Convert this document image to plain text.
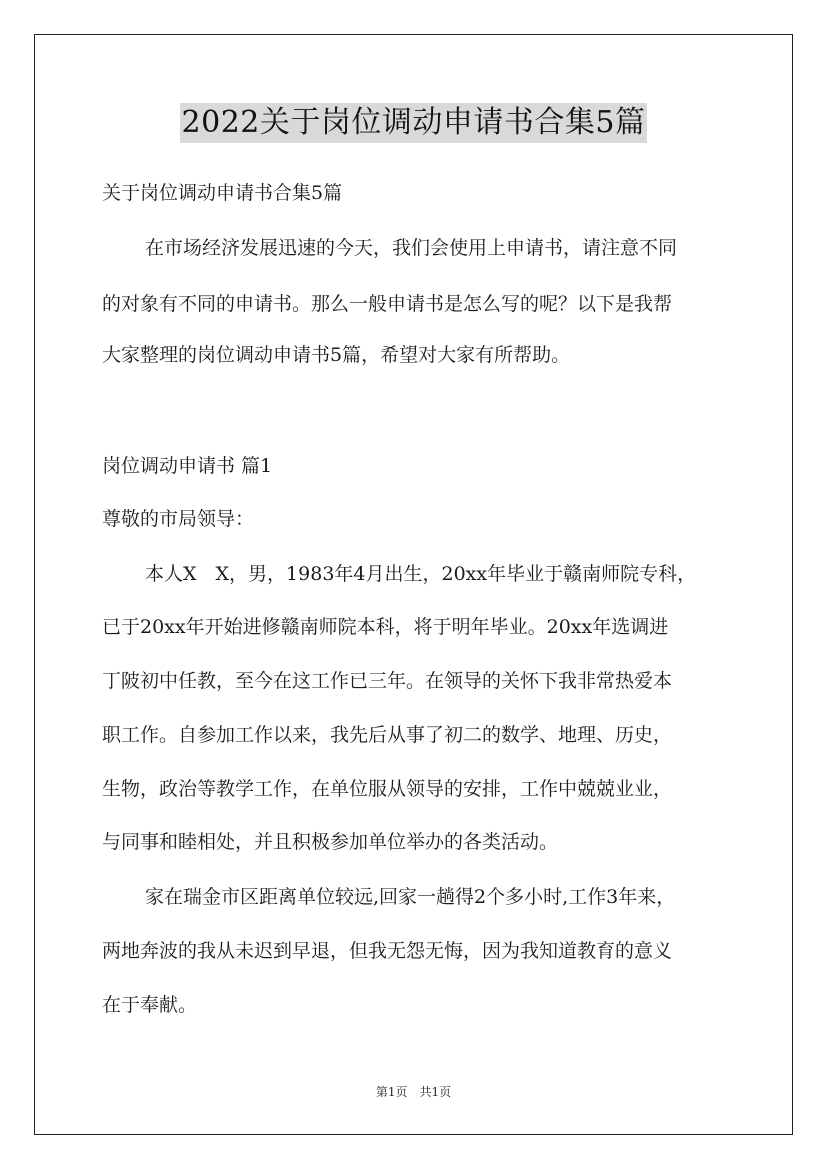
2022关于岗位调动申请书合集5篇
关于岗位调动申请书合集5篇
在市场经济发展迅速的今天，我们会使用上申请书，请注意不同
的对象有不同的申请书。那么一般申请书是怎么写的呢？以下是我帮
大家整理的岗位调动申请书5篇，希望对大家有所帮助。
岗位调动申请书 篇1
尊敬的市局领导：
本人X　X，男，1983年4月出生，20xx年毕业于赣南师院专科，
已于20xx年开始进修赣南师院本科，将于明年毕业。20xx年选调进
丁陂初中任教，至今在这工作已三年。在领导的关怀下我非常热爱本
职工作。自参加工作以来，我先后从事了初二的数学、地理、历史，
生物，政治等教学工作，在单位服从领导的安排，工作中兢兢业业，
与同事和睦相处，并且积极参加单位举办的各类活动。
家在瑞金市区距离单位较远,回家一趟得2个多小时,工作3年来，
两地奔波的我从未迟到早退，但我无怨无悔，因为我知道教育的意义
在于奉献。
第1页　共1页
